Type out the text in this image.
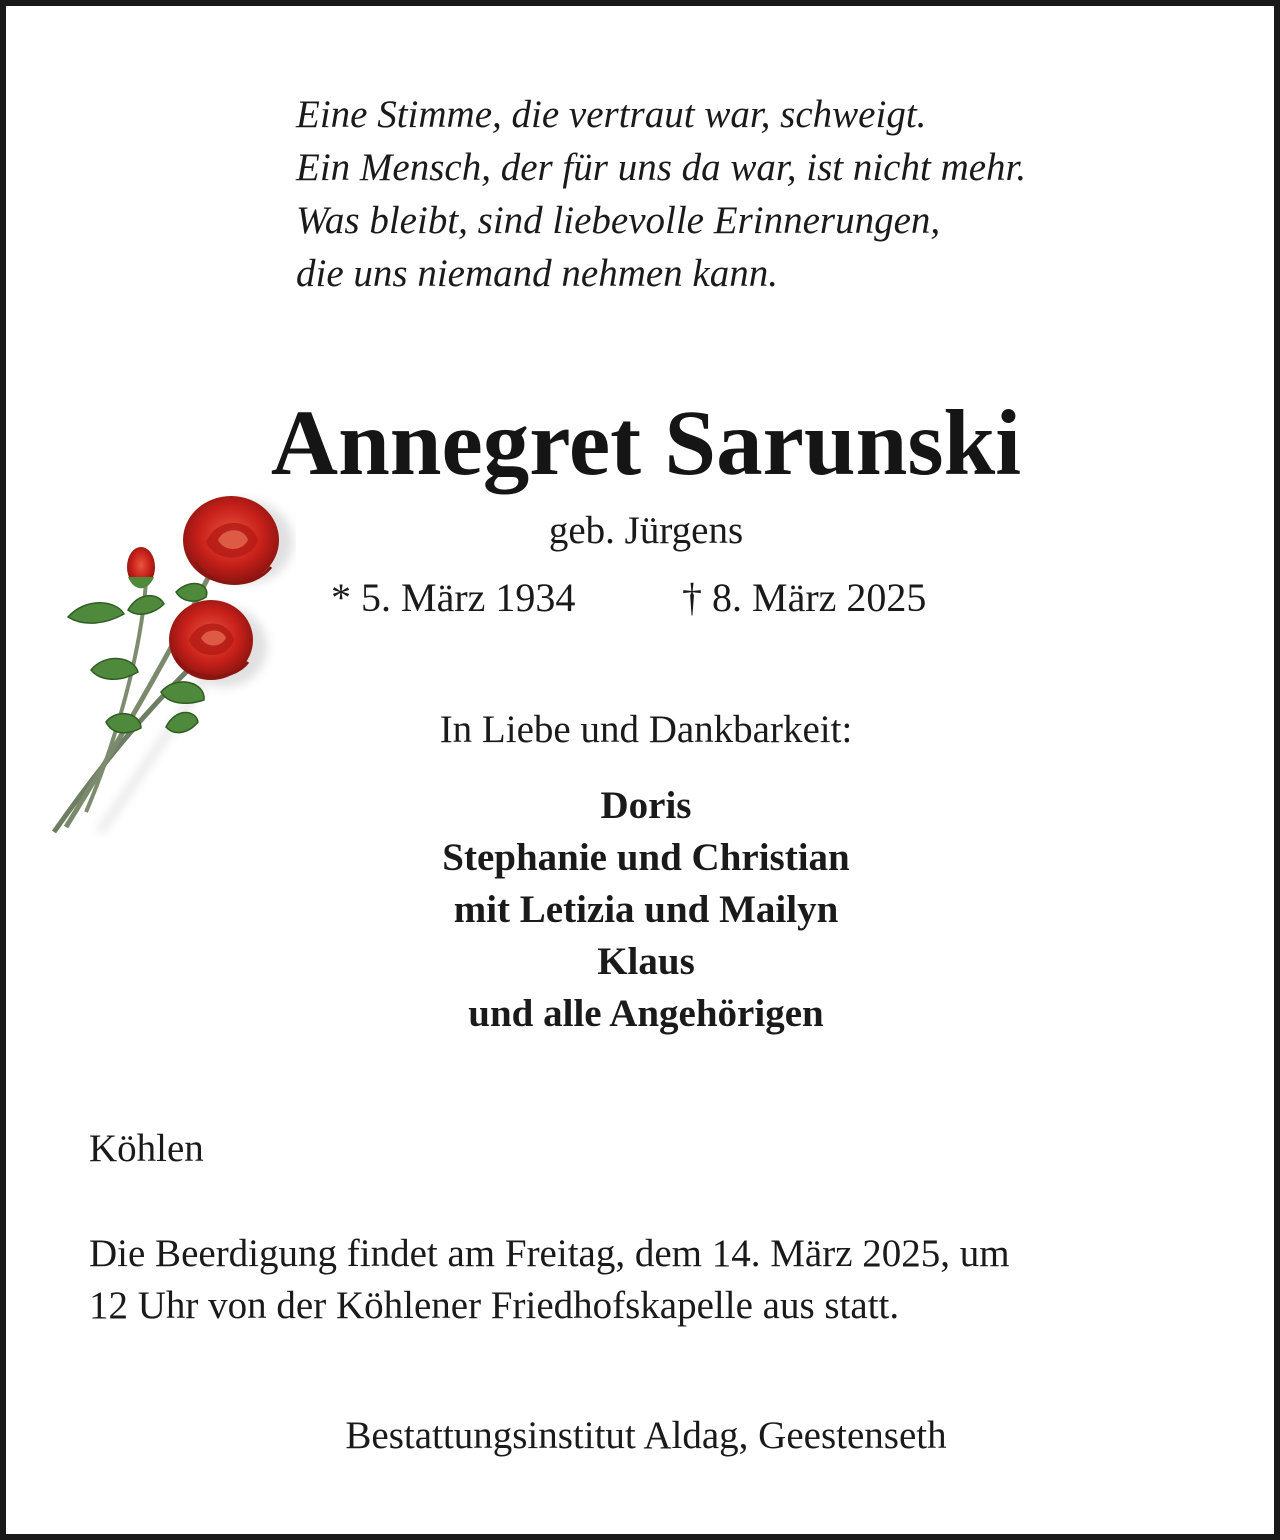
Eine Stimme, die vertraut war, schweigt.
Ein Mensch, der für uns da war, ist nicht mehr.
Was bleibt, sind liebevolle Erinnerungen,
die uns niemand nehmen kann.
Annegret Sarunski
geb. Jürgens
* 5. März 1934	† 8. März 2025
In Liebe und Dankbarkeit:
Doris
Stephanie und Christian
mit Letizia und Mailyn
Klaus
und alle Angehörigen
Köhlen
Die Beerdigung findet am Freitag, dem 14. März 2025, um
12 Uhr von der Köhlener Friedhofskapelle aus statt.
Bestattungsinstitut Aldag, Geestenseth
